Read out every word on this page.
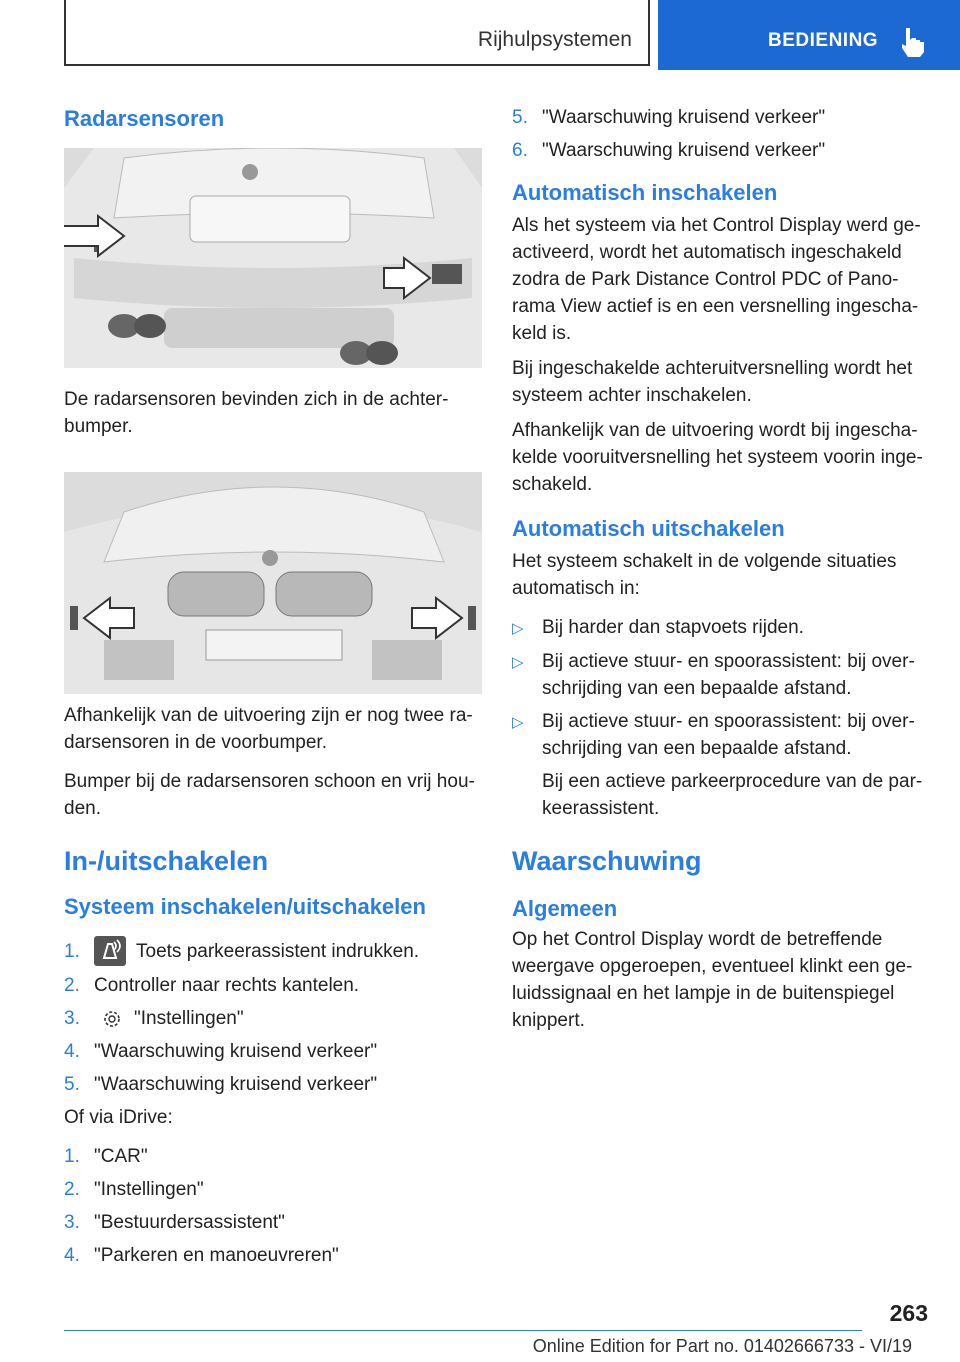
Rijhulpsystemen	BEDIENING
Radarsensoren

De radarsensoren bevinden zich in de achter-bumper.

Afhankelijk van de uitvoering zijn er nog twee ra-darsensoren in de voorbumper.

Bumper bij de radarsensoren schoon en vrij hou-den.

In-/uitschakelen
Systeem inschakelen/uitschakelen
1.	Toets parkeerassistent indrukken.
2. Controller naar rechts kantelen.
3.	"Instellingen"
4. "Waarschuwing kruisend verkeer"
5. "Waarschuwing kruisend verkeer"

Of via iDrive:

1. "CAR"
2. "Instellingen"
3. "Bestuurdersassistent"
4. "Parkeren en manoeuvreren"
5. "Waarschuwing kruisend verkeer"
6. "Waarschuwing kruisend verkeer"
Automatisch inschakelen

Als het systeem via het Control Display werd ge-activeerd, wordt het automatisch ingeschakeld zodra de Park Distance Control PDC of Pano-rama View actief is en een versnelling ingescha-keld is.

Bij ingeschakelde achteruitversnelling wordt het systeem achter inschakelen.

Afhankelijk van de uitvoering wordt bij ingescha-kelde vooruitversnelling het systeem voorin inge-schakeld.

Automatisch uitschakelen

Het systeem schakelt in de volgende situaties automatisch in:

▷ Bij harder dan stapvoets rijden.
▷ Bij actieve stuur- en spoorassistent: bij over-schrijding van een bepaalde afstand.
▷ Bij actieve stuur- en spoorassistent: bij over-schrijding van een bepaalde afstand.
Bij een actieve parkeerprocedure van de par-keerassistent.
Waarschuwing
Algemeen

Op het Control Display wordt de betreffende weergave opgeroepen, eventueel klinkt een ge-luidssignaal en het lampje in de buitenspiegel knippert.

263
Online Edition for Part no. 01402666733 - VI/19
